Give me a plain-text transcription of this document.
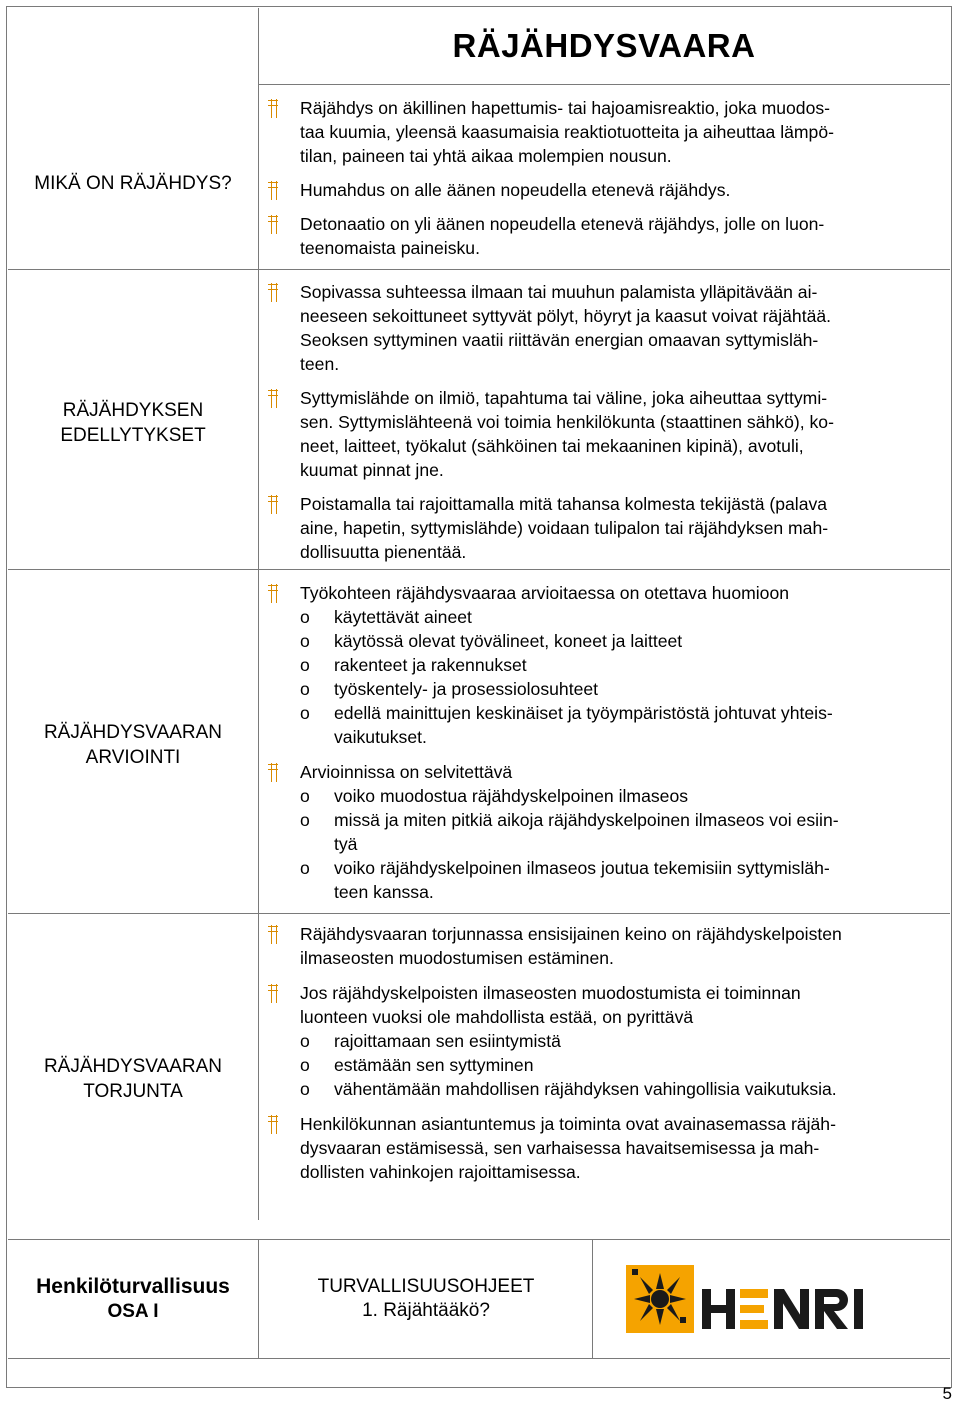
RÄJÄHDYSVAARA
MIKÄ ON RÄJÄHDYS?
RÄJÄHDYKSEN
EDELLYTYKSET
RÄJÄHDYSVAARAN
ARVIOINTI
RÄJÄHDYSVAARAN
TORJUNTA
Räjähdys on äkillinen hapettumis- tai hajoamisreaktio, joka muodos-
taa kuumia, yleensä kaasumaisia reaktiotuotteita ja aiheuttaa lämpö-
tilan, paineen tai yhtä aikaa molempien nousun.
Humahdus on alle äänen nopeudella etenevä räjähdys.
Detonaatio on yli äänen nopeudella etenevä räjähdys, jolle on luon-
teenomaista paineisku.
Sopivassa suhteessa ilmaan tai muuhun palamista ylläpitävään ai-
neeseen sekoittuneet syttyvät pölyt, höyryt ja kaasut voivat räjähtää.
Seoksen syttyminen vaatii riittävän energian omaavan syttymisläh-
teen.
Syttymislähde on ilmiö, tapahtuma tai väline, joka aiheuttaa syttymi-
sen. Syttymislähteenä voi toimia henkilökunta (staattinen sähkö), ko-
neet, laitteet, työkalut (sähköinen tai mekaaninen kipinä), avotuli,
kuumat pinnat jne.
Poistamalla tai rajoittamalla mitä tahansa kolmesta tekijästä (palava
aine, hapetin, syttymislähde) voidaan tulipalon tai räjähdyksen mah-
dollisuutta pienentää.
Työkohteen räjähdysvaaraa arvioitaessa on otettava huomioon
o käytettävät aineet
o käytössä olevat työvälineet, koneet ja laitteet
o rakenteet ja rakennukset
o työskentely- ja prosessiolosuhteet
o edellä mainittujen keskinäiset ja työympäristöstä johtuvat yhteis-
vaikutukset.
Arvioinnissa on selvitettävä
o voiko muodostua räjähdyskelpoinen ilmaseos
o missä ja miten pitkiä aikoja räjähdyskelpoinen ilmaseos voi esiin-
tyä
o voiko räjähdyskelpoinen ilmaseos joutua tekemisiin syttymisläh-
teen kanssa.
Räjähdysvaaran torjunnassa ensisijainen keino on räjähdyskelpoisten
ilmaseosten muodostumisen estäminen.
Jos räjähdyskelpoisten ilmaseosten muodostumista ei toiminnan
luonteen vuoksi ole mahdollista estää, on pyrittävä
o rajoittamaan sen esiintymistä
o estämään sen syttyminen
o vähentämään mahdollisen räjähdyksen vahingollisia vaikutuksia.
Henkilökunnan asiantuntemus ja toiminta ovat avainasemassa räjäh-
dysvaaran estämisessä, sen varhaisessa havaitsemisessa ja mah-
dollisten vahinkojen rajoittamisessa.
Henkilöturvallisuus
OSA I
TURVALLISUUSOHJEET
1. Räjähtääkö?
5
